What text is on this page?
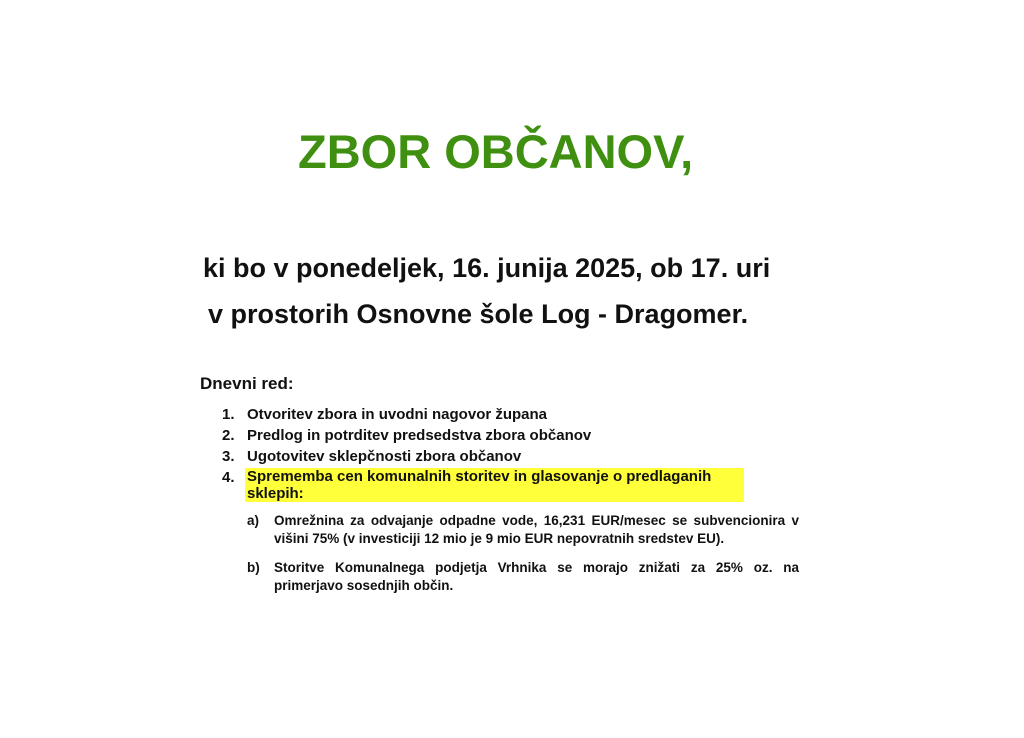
ZBOR OBČANOV,
ki bo v ponedeljek, 16. junija 2025, ob 17. uri
v prostorih Osnovne šole Log - Dragomer.
Dnevni red:
1. Otvoritev zbora in uvodni nagovor župana
2. Predlog in potrditev predsedstva zbora občanov
3. Ugotovitev sklepčnosti zbora občanov
4. Sprememba cen komunalnih storitev in glasovanje o predlaganih sklepih:
a) Omrežnina za odvajanje odpadne vode, 16,231 EUR/mesec se subvencionira v višini 75% (v investiciji 12 mio je 9 mio EUR nepovratnih sredstev EU).
b) Storitve Komunalnega podjetja Vrhnika se morajo znižati za 25% oz. na primerjavo sosednjih občin.
